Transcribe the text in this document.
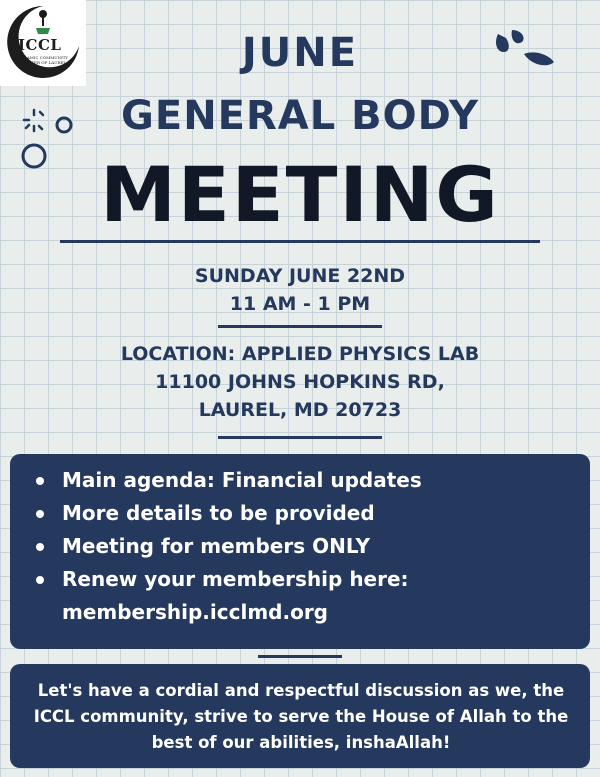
ICCL
ISLAMIC COMMUNITY CENTER OF LAUREL	JUNE
GENERAL BODY
MEETING
SUNDAY JUNE 22ND
11 AM - 1 PM
LOCATION: APPLIED PHYSICS LAB
11100 JOHNS HOPKINS RD,
LAUREL, MD 20723
Main agenda: Financial updates
More details to be provided
Meeting for members ONLY
Renew your membership here:
membership.icclmd.org

Let's have a cordial and respectful discussion as we, the ICCL community, strive to serve the House of Allah to the best of our abilities, inshaAllah!
